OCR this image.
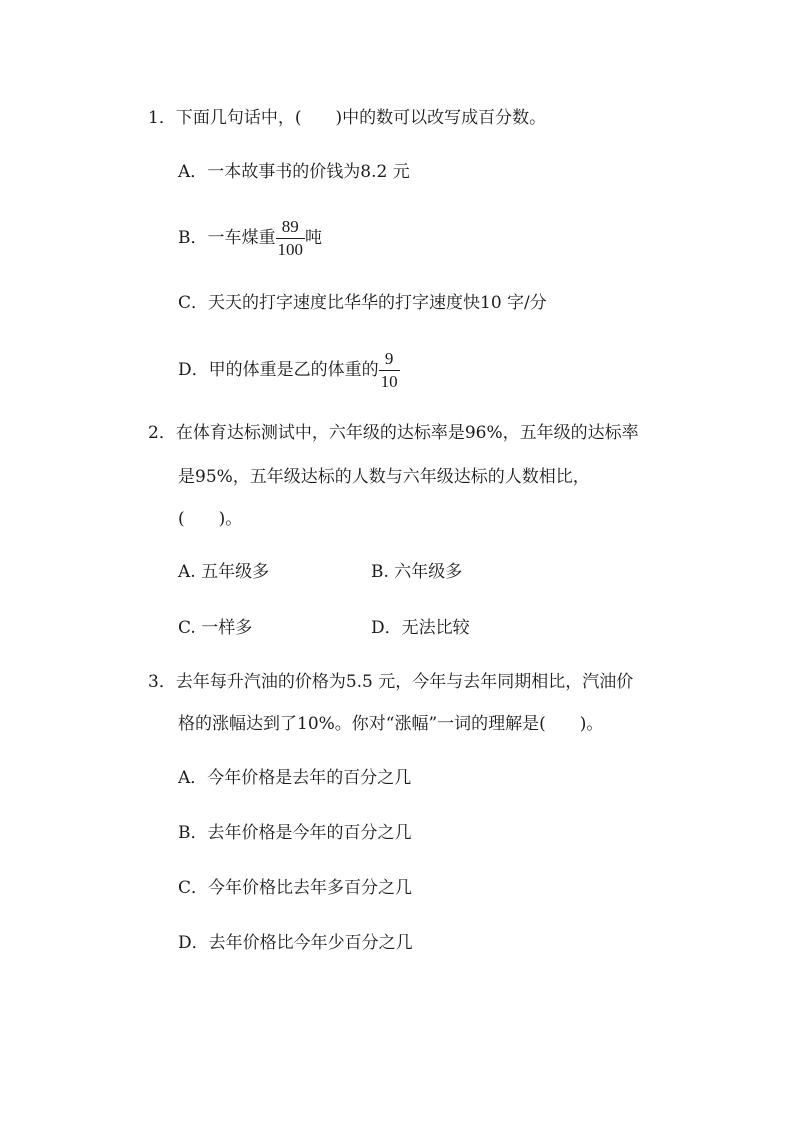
1．下面几句话中，(　　)中的数可以改写成百分数。
A．一本故事书的价钱为8.2 元
B．一车煤重 $\frac{89}{100}$ 吨
C．天天的打字速度比华华的打字速度快10 字/分
D．甲的体重是乙的体重的 $\frac{9}{10}$
2．在体育达标测试中，六年级的达标率是96%，五年级的达标率
是95%，五年级达标的人数与六年级达标的人数相比，
(　　)。
A. 五年级多	B. 六年级多
C. 一样多	D．无法比较
3．去年每升汽油的价格为5.5 元，今年与去年同期相比，汽油价
格的涨幅达到了10%。你对“涨幅”一词的理解是(　　)。
A．今年价格是去年的百分之几
B．去年价格是今年的百分之几
C．今年价格比去年多百分之几
D．去年价格比今年少百分之几
